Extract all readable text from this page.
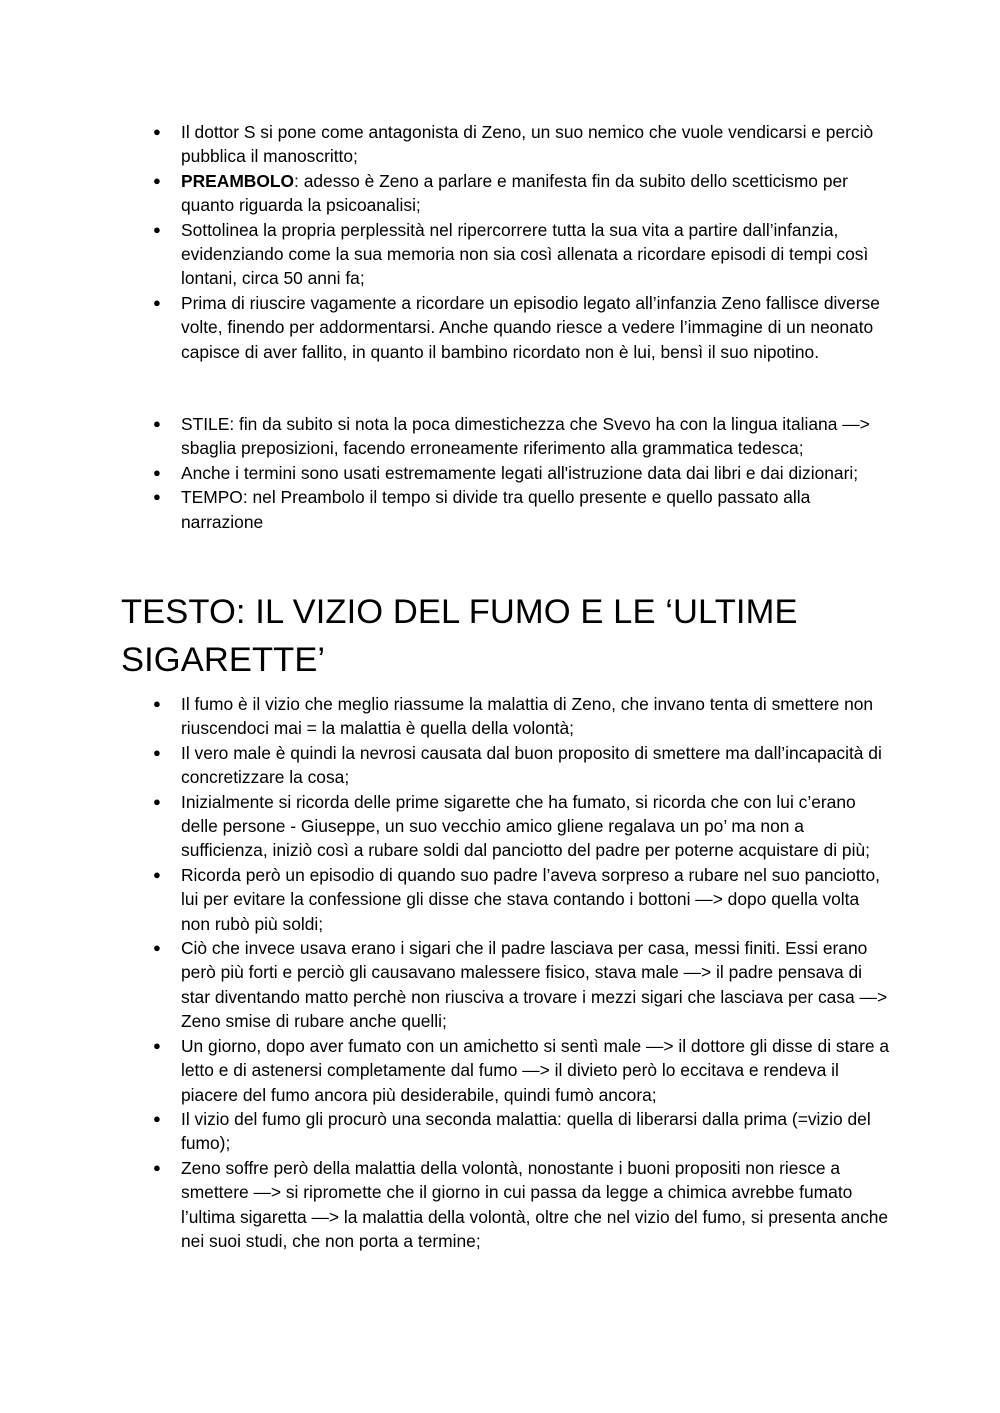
● Il dottor S si pone come antagonista di Zeno, un suo nemico che vuole vendicarsi e perciò pubblica il manoscritto;
● PREAMBOLO: adesso è Zeno a parlare e manifesta fin da subito dello scetticismo per quanto riguarda la psicoanalisi;
● Sottolinea la propria perplessità nel ripercorrere tutta la sua vita a partire dall’infanzia, evidenziando come la sua memoria non sia così allenata a ricordare episodi di tempi così lontani, circa 50 anni fa;
● Prima di riuscire vagamente a ricordare un episodio legato all’infanzia Zeno fallisce diverse volte, finendo per addormentarsi. Anche quando riesce a vedere l’immagine di un neonato capisce di aver fallito, in quanto il bambino ricordato non è lui, bensì il suo nipotino.
● STILE: fin da subito si nota la poca dimestichezza che Svevo ha con la lingua italiana —> sbaglia preposizioni, facendo erroneamente riferimento alla grammatica tedesca;
● Anche i termini sono usati estremamente legati all'istruzione data dai libri e dai dizionari;
● TEMPO: nel Preambolo il tempo si divide tra quello presente e quello passato alla narrazione
TESTO: IL VIZIO DEL FUMO E LE ‘ULTIME SIGARETTE’
● Il fumo è il vizio che meglio riassume la malattia di Zeno, che invano tenta di smettere non riuscendoci mai = la malattia è quella della volontà;
● Il vero male è quindi la nevrosi causata dal buon proposito di smettere ma dall’incapacità di concretizzare la cosa;
● Inizialmente si ricorda delle prime sigarette che ha fumato, si ricorda che con lui c’erano delle persone - Giuseppe, un suo vecchio amico gliene regalava un po’ ma non a sufficienza, iniziò così a rubare soldi dal panciotto del padre per poterne acquistare di più;
● Ricorda però un episodio di quando suo padre l’aveva sorpreso a rubare nel suo panciotto, lui per evitare la confessione gli disse che stava contando i bottoni —> dopo quella volta non rubò più soldi;
● Ciò che invece usava erano i sigari che il padre lasciava per casa, messi finiti. Essi erano però più forti e perciò gli causavano malessere fisico, stava male —> il padre pensava di star diventando matto perchè non riusciva a trovare i mezzi sigari che lasciava per casa —> Zeno smise di rubare anche quelli;
● Un giorno, dopo aver fumato con un amichetto si sentì male —> il dottore gli disse di stare a letto e di astenersi completamente dal fumo —> il divieto però lo eccitava e rendeva il piacere del fumo ancora più desiderabile, quindi fumò ancora;
● Il vizio del fumo gli procurò una seconda malattia: quella di liberarsi dalla prima (=vizio del fumo);
● Zeno soffre però della malattia della volontà, nonostante i buoni propositi non riesce a smettere —> si ripromette che il giorno in cui passa da legge a chimica avrebbe fumato l’ultima sigaretta —> la malattia della volontà, oltre che nel vizio del fumo, si presenta anche nei suoi studi, che non porta a termine;
